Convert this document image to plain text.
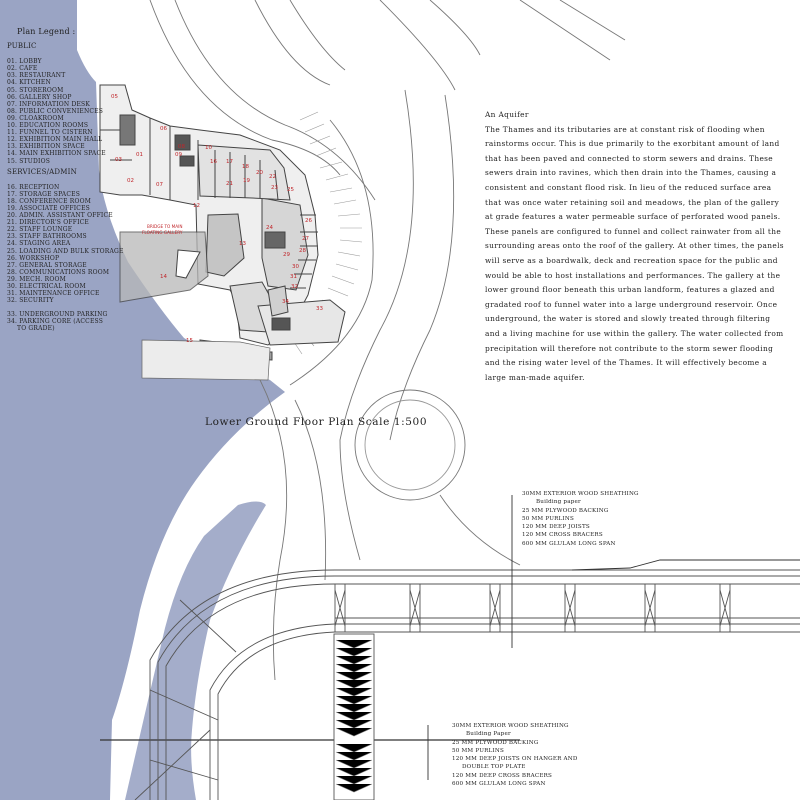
05
06
02
03
01
07
08
09
10
12
13
14
15
16 17
18
19
20
21
22
23
24
25
26
27
28
29
30
31
32
33
34
BRIDGE TO MAIN
FLOATING GALLERY
Plan Legend :
PUBLIC
01. LOBBY
02. CAFE
03. RESTAURANT
04. KITCHEN
05. STOREROOM
06. GALLERY SHOP
07. INFORMATION DESK
08. PUBLIC CONVENIENCES
09. CLOAKROOM
10. EDUCATION ROOMS
11. FUNNEL TO CISTERN
12. EXHIBITION MAIN HALL
13. EXHIBITION SPACE
14. MAIN EXHIBITION SPACE
15. STUDIOS
SERVICES/ADMIN
16. RECEPTION
17. STORAGE SPACES
18. CONFERENCE ROOM
19. ASSOCIATE OFFICES
20. ADMIN. ASSISTANT OFFICE
21. DIRECTOR'S OFFICE
22. STAFF LOUNGE
23. STAFF BATHROOMS
24. STAGING AREA
25. LOADING AND BULK STORAGE
26. WORKSHOP
27. GENERAL STORAGE
28. COMMUNICATIONS ROOM
29. MECH. ROOM
30. ELECTRICAL ROOM
31. MAINTENANCE OFFICE
32. SECURITY
33. UNDERGROUND PARKING
34. PARKING CORE (ACCESS
TO GRADE)

An Aquifer

The Thames and its tributaries are at constant risk of flooding when rainstorms occur. This is due primarily to the exorbitant amount of land that has been paved and connected to storm sewers and drains. These sewers drain into ravines, which then drain into the Thames, causing a consistent and constant flood risk. In lieu of the reduced surface area that was once water retaining soil and meadows, the plan of the gallery at grade features a water permeable surface of perforated wood panels. These panels are configured to funnel and collect rainwater from all the surrounding areas onto the roof of the gallery. At other times, the panels will serve as a boardwalk, deck and recreation space for the public and would be able to host installations and performances. The gallery at the lower ground floor beneath this urban landform, features a glazed and gradated roof to funnel water into a large underground reservoir. Once underground, the water is stored and slowly treated through filtering and a living machine for use within the gallery. The water collected from precipitation will therefore not contribute to the storm sewer flooding and the rising water level of the Thames. It will effectively become a large man-made aquifer.

Lower Ground Floor Plan Scale 1:500
30MM EXTERIOR WOOD SHEATHING
Building paper
25 MM PLYWOOD BACKING
50 MM PURLINS
120 MM DEEP JOISTS
120 MM CROSS BRACERS
600 MM GLULAM LONG SPAN
30MM EXTERIOR WOOD SHEATHING
Building Paper
25 MM PLYWOOD BACKING
50 MM PURLINS
120 MM DEEP JOISTS ON HANGER AND
DOUBLE TOP PLATE
120 MM DEEP CROSS BRACERS
600 MM GLULAM LONG SPAN
